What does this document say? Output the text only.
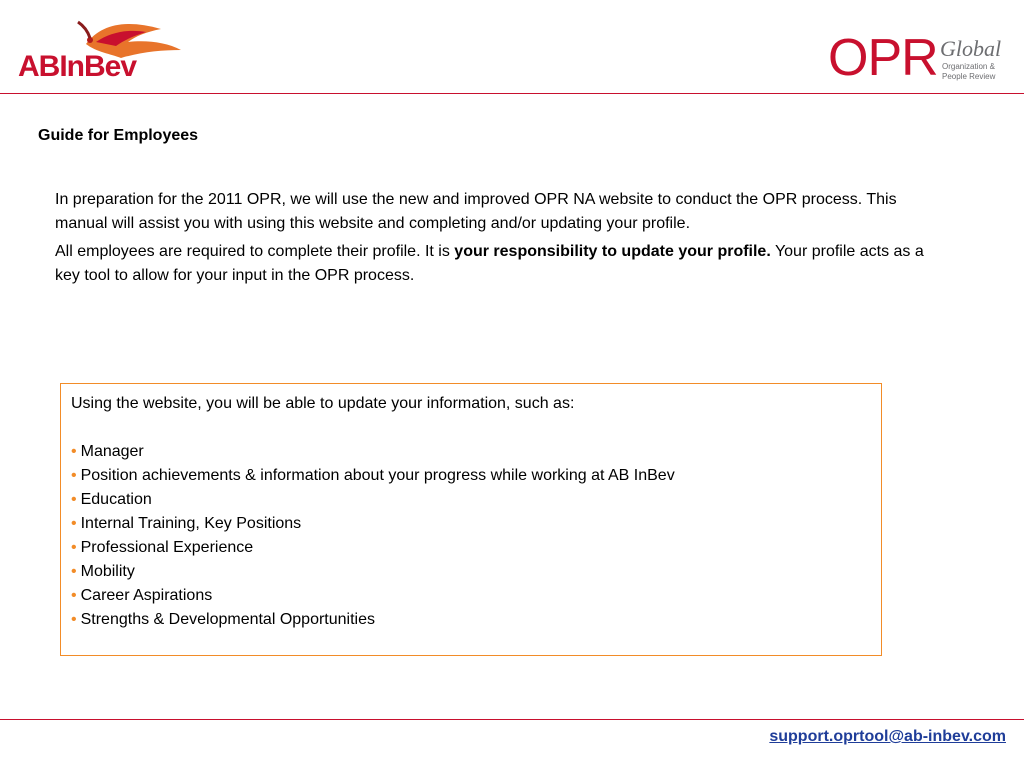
ABInBev	OPR Global
Organization &
People Review
Guide for Employees

In preparation for the 2011 OPR, we will use the new and improved OPR NA website to conduct the OPR process. This manual will assist you with using this website and completing and/or updating your profile.

All employees are required to complete their profile. It is your responsibility to update your profile. Your profile acts as a key tool to allow for your input in the OPR process.

Using the website, you will be able to update your information, such as:

• Manager
• Position achievements & information about your progress while working at AB InBev
• Education
• Internal Training, Key Positions
• Professional Experience
• Mobility
• Career Aspirations
• Strengths & Developmental Opportunities
support.oprtool@ab-inbev.com
